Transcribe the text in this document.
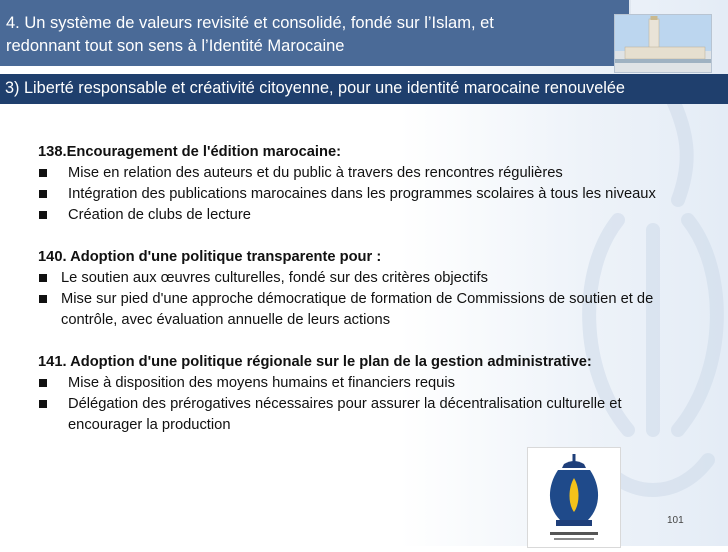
4. Un système de valeurs revisité et consolidé, fondé sur l’Islam, et
redonnant tout son sens à l’Identité Marocaine
3) Liberté responsable et créativité citoyenne, pour une identité marocaine renouvelée
138.Encouragement de l'édition marocaine:
Mise en relation des auteurs et du public à travers des rencontres régulières
Intégration des publications marocaines dans les programmes scolaires à tous les niveaux
Création de clubs de lecture
140. Adoption d'une politique transparente pour :
Le soutien aux œuvres culturelles, fondé sur des critères objectifs
Mise sur pied d'une approche démocratique de formation de Commissions de soutien et de contrôle, avec évaluation annuelle de leurs actions
141. Adoption d'une politique régionale sur le plan de la gestion administrative:
Mise à disposition des moyens humains et financiers requis
Délégation des prérogatives nécessaires pour assurer la décentralisation culturelle et encourager la production
101
